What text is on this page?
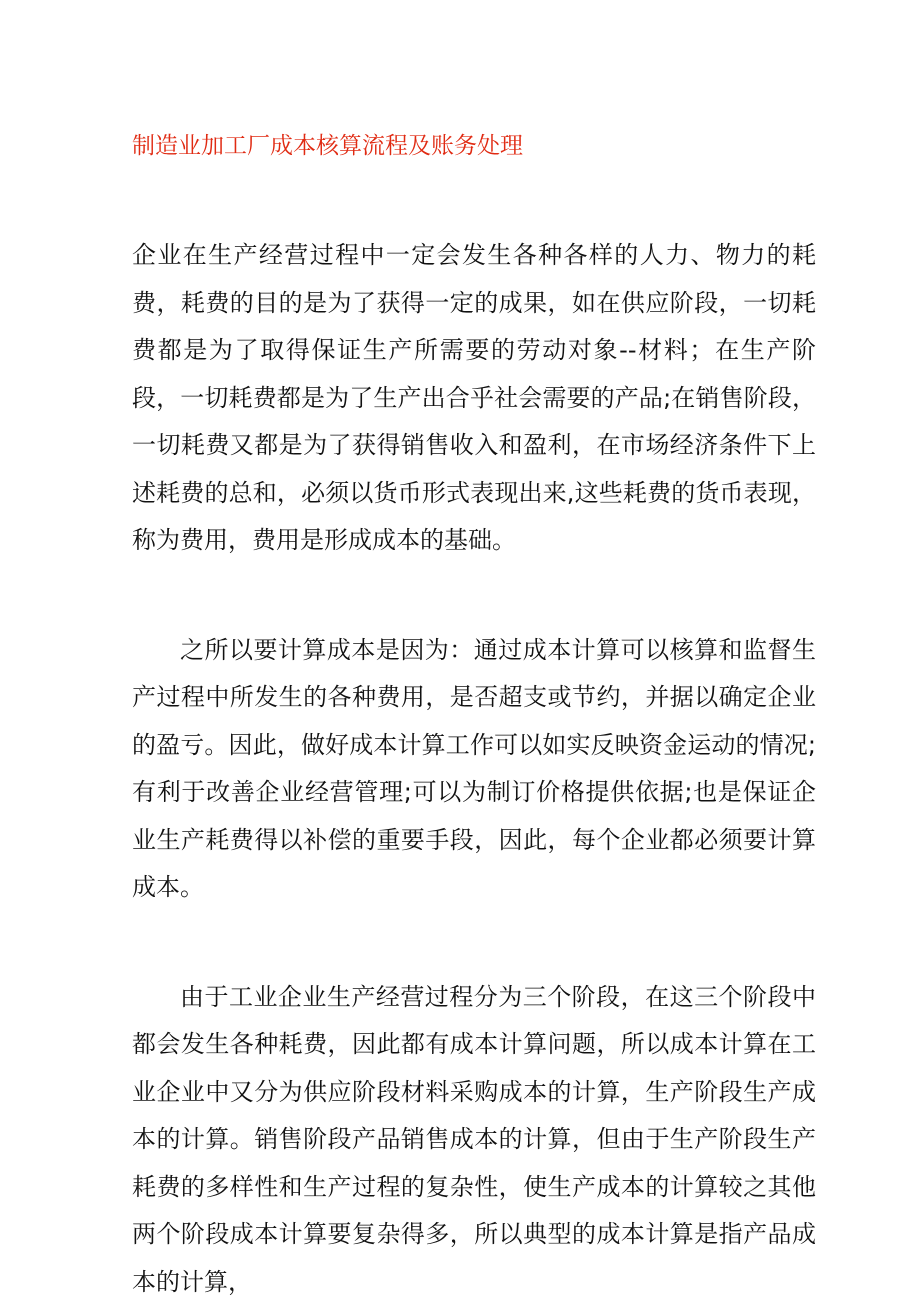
制造业加工厂成本核算流程及账务处理

企业在生产经营过程中一定会发生各种各样的人力、物力的耗费，耗费的目的是为了获得一定的成果，如在供应阶段，一切耗费都是为了取得保证生产所需要的劳动对象--材料；在生产阶段，一切耗费都是为了生产出合乎社会需要的产品;在销售阶段，一切耗费又都是为了获得销售收入和盈利，在市场经济条件下上述耗费的总和，必须以货币形式表现出来,这些耗费的货币表现，称为费用，费用是形成成本的基础。

之所以要计算成本是因为：通过成本计算可以核算和监督生产过程中所发生的各种费用，是否超支或节约，并据以确定企业的盈亏。因此，做好成本计算工作可以如实反映资金运动的情况;有利于改善企业经营管理;可以为制订价格提供依据;也是保证企业生产耗费得以补偿的重要手段，因此，每个企业都必须要计算成本。

由于工业企业生产经营过程分为三个阶段，在这三个阶段中都会发生各种耗费，因此都有成本计算问题，所以成本计算在工业企业中又分为供应阶段材料采购成本的计算，生产阶段生产成本的计算。销售阶段产品销售成本的计算，但由于生产阶段生产耗费的多样性和生产过程的复杂性，使生产成本的计算较之其他两个阶段成本计算要复杂得多，所以典型的成本计算是指产品成本的计算，
